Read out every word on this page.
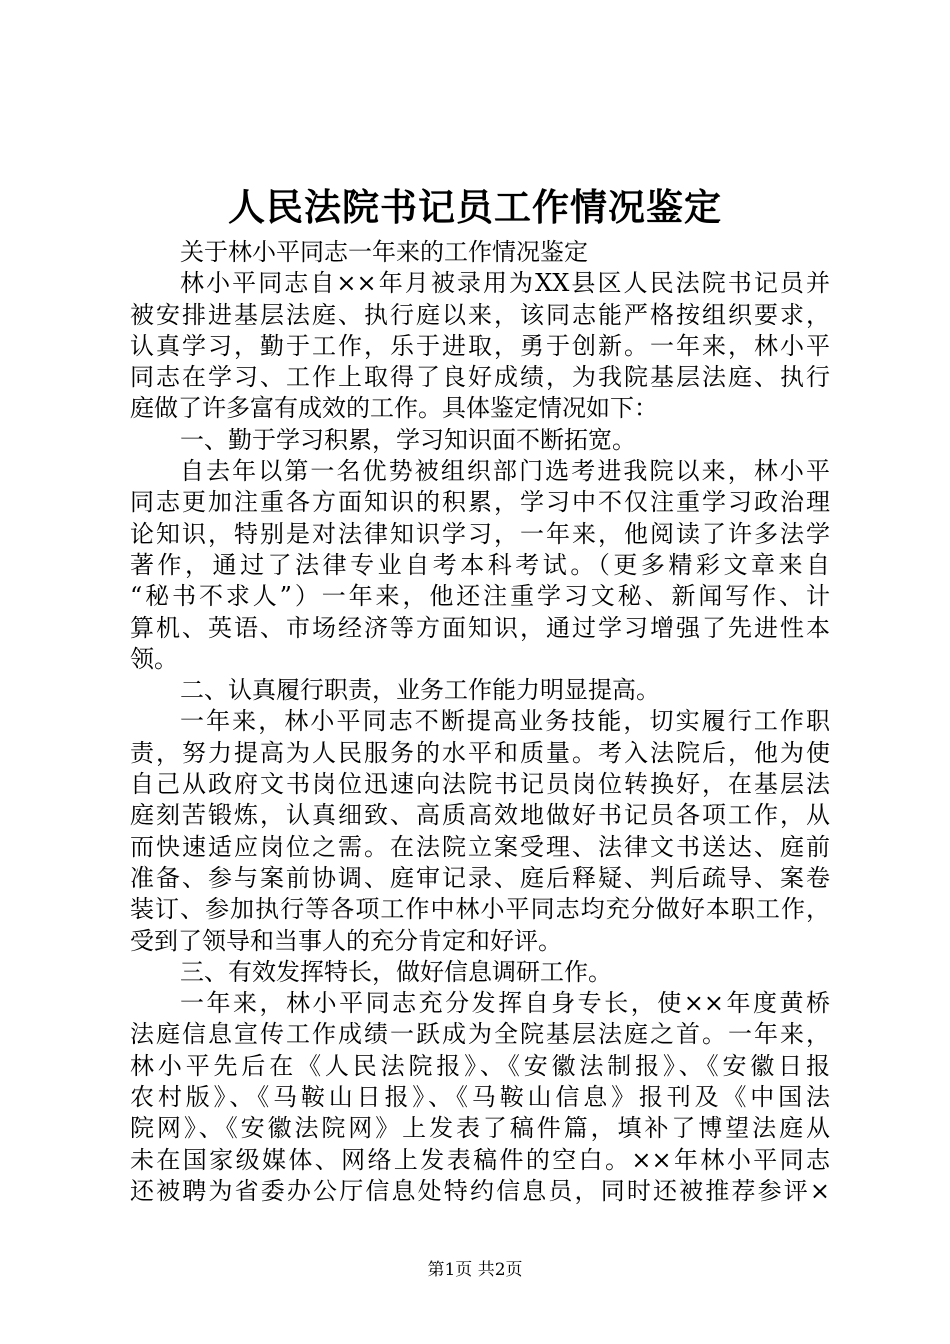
人民法院书记员工作情况鉴定
关于林小平同志一年来的工作情况鉴定
林小平同志自××年月被录用为XX县区人民法院书记员并
被安排进基层法庭、执行庭以来，该同志能严格按组织要求，
认真学习，勤于工作，乐于进取，勇于创新。一年来，林小平
同志在学习、工作上取得了良好成绩，为我院基层法庭、执行
庭做了许多富有成效的工作。具体鉴定情况如下：
一、勤于学习积累，学习知识面不断拓宽。
自去年以第一名优势被组织部门选考进我院以来，林小平
同志更加注重各方面知识的积累，学习中不仅注重学习政治理
论知识，特别是对法律知识学习，一年来，他阅读了许多法学
著作，通过了法律专业自考本科考试。（更多精彩文章来自
“秘书不求人”）一年来，他还注重学习文秘、新闻写作、计
算机、英语、市场经济等方面知识，通过学习增强了先进性本
领。
二、认真履行职责，业务工作能力明显提高。
一年来，林小平同志不断提高业务技能，切实履行工作职
责，努力提高为人民服务的水平和质量。考入法院后，他为使
自己从政府文书岗位迅速向法院书记员岗位转换好，在基层法
庭刻苦锻炼，认真细致、高质高效地做好书记员各项工作，从
而快速适应岗位之需。在法院立案受理、法律文书送达、庭前
准备、参与案前协调、庭审记录、庭后释疑、判后疏导、案卷
装订、参加执行等各项工作中林小平同志均充分做好本职工作，
受到了领导和当事人的充分肯定和好评。
三、有效发挥特长，做好信息调研工作。
一年来，林小平同志充分发挥自身专长，使××年度黄桥
法庭信息宣传工作成绩一跃成为全院基层法庭之首。一年来，
林小平先后在《人民法院报》、《安徽法制报》、《安徽日报
农村版》、《马鞍山日报》、《马鞍山信息》报刊及《中国法
院网》、《安徽法院网》上发表了稿件篇，填补了博望法庭从
未在国家级媒体、网络上发表稿件的空白。××年林小平同志
还被聘为省委办公厅信息处特约信息员，同时还被推荐参评×
第1页 共2页
